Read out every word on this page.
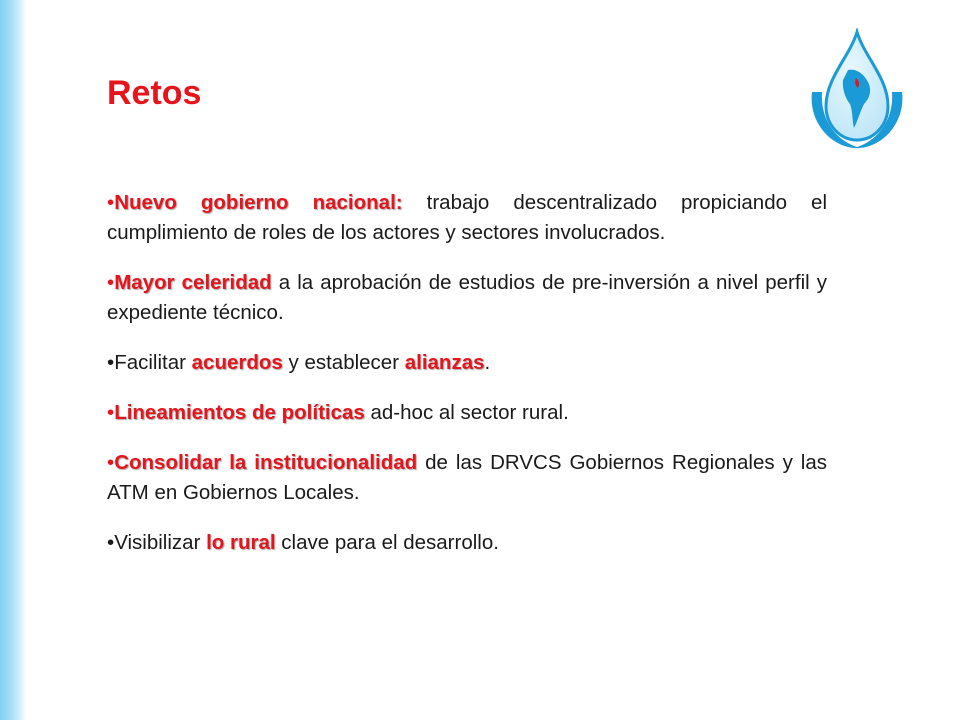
Retos

•Nuevo gobierno nacional: trabajo descentralizado propiciando el cumplimiento de roles de los actores y sectores involucrados.

•Mayor celeridad a la aprobación de estudios de pre-inversión a nivel perfil y expediente técnico.

•Facilitar acuerdos y establecer alianzas.

•Lineamientos de políticas ad-hoc al sector rural.

•Consolidar la institucionalidad de las DRVCS Gobiernos Regionales y las ATM en Gobiernos Locales.

•Visibilizar lo rural clave para el desarrollo.
